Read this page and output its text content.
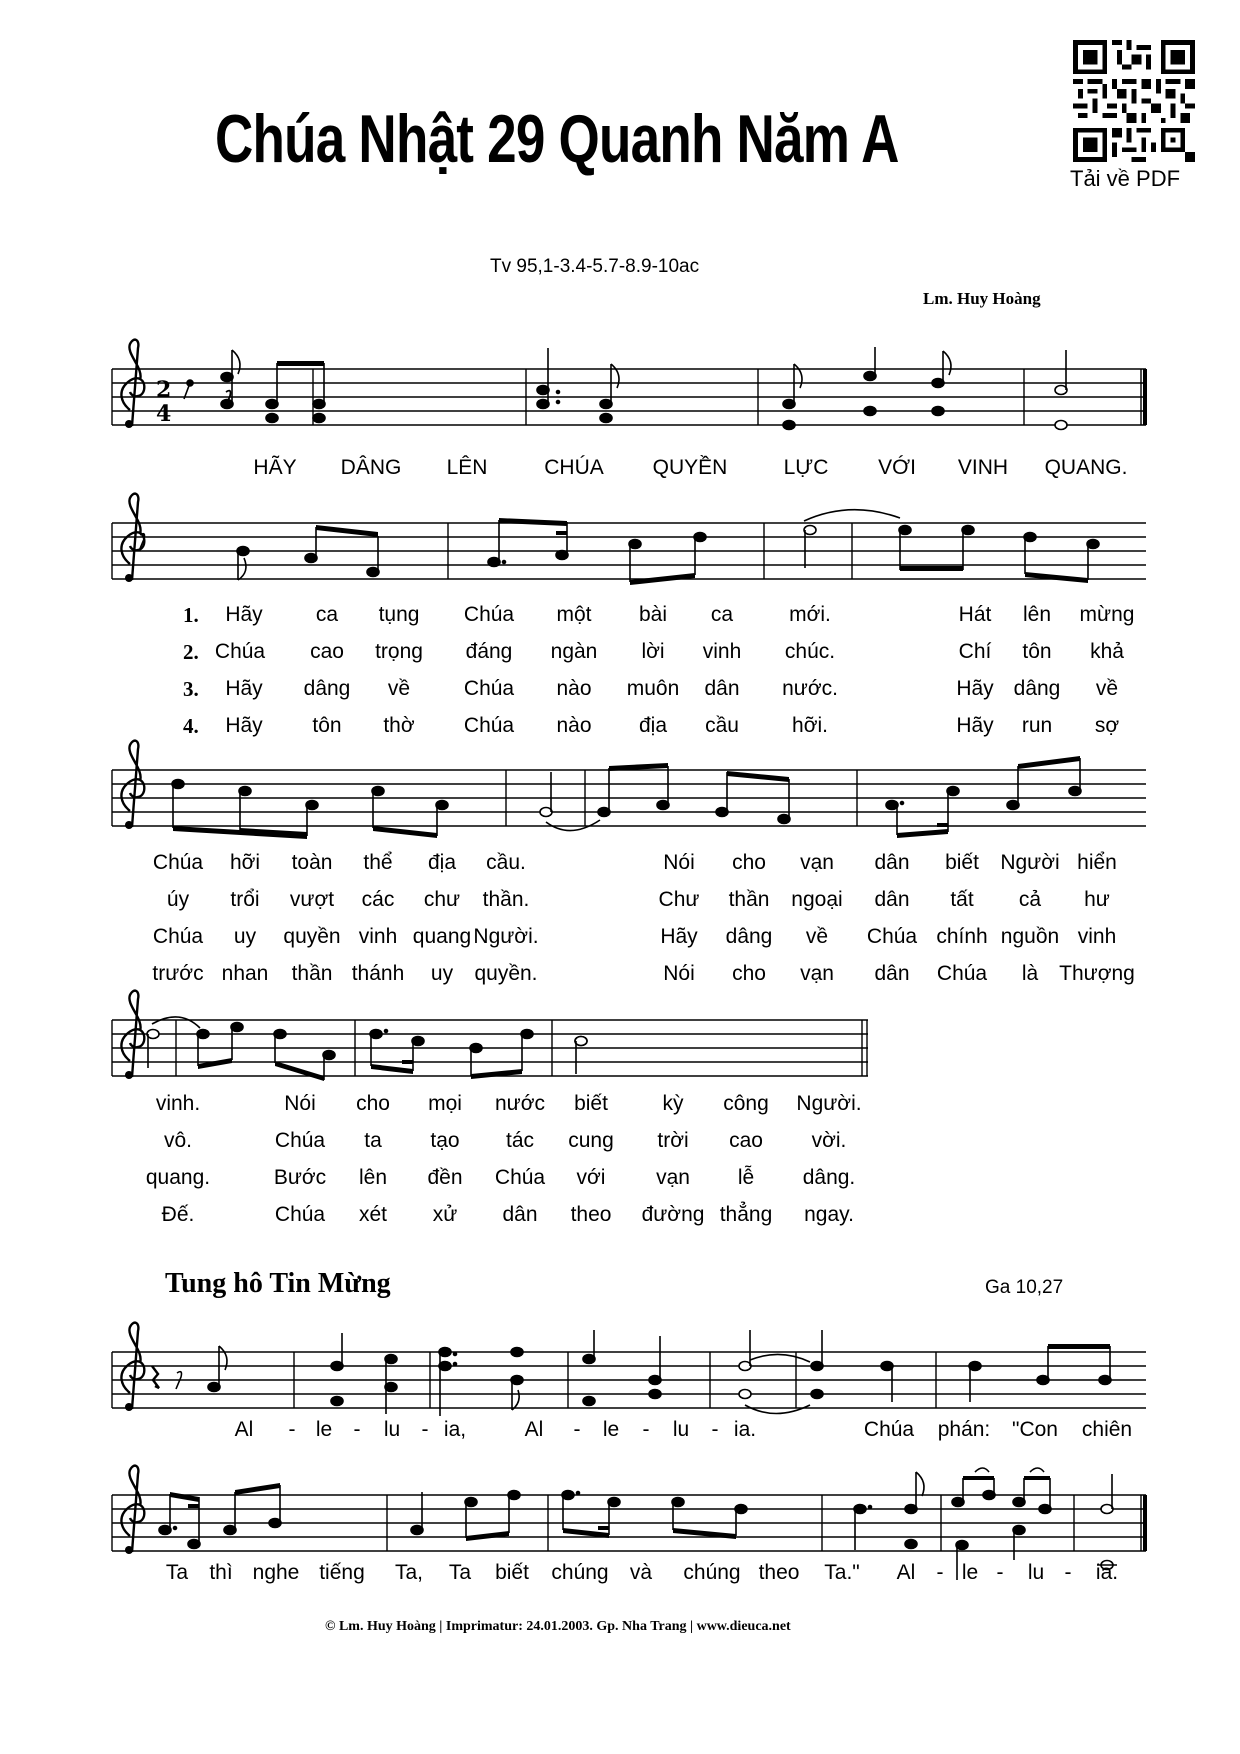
Chúa Nhật 29 Quanh Năm A
Tải về PDF
Tv 95,1-3.4-5.7-8.9-10ac
Lm. Huy Hoàng
2
4
HÃY DÂNG LÊN	CHÚA QUYỀN	LỰC VỚI VINH QUANG.
1.
2.
3.
4.
Hãy	ca tụng Chúa một bài ca	mới.	Hát lên mừng
Chúa cao trọng đáng ngàn lời vinh chúc.	Chí tôn khả
Hãy dâng về	Chúa nào muôn dân nước.	Hãy dâng về
Hãy tôn thờ Chúa nào địa cầu	hỡi.	Hãy run sợ
Chúa hỡi toàn thể địa cầu.	Nói cho vạn dân biết Người hiển
úy trổi vượt các chư thần.	Chư thần ngoại dân tất cả hư
Chúa uy quyền vinh quang Người.	Hãy dâng về Chúa chính nguồn vinh
trước nhan thần thánh uy quyền.	Nói cho vạn dân Chúa là Thượng
vinh.	Nói cho mọi nước biết	kỳ công Người.
vô.	Chúa ta tạo tác cung trời cao vời.
quang.	Bước lên đền Chúa với vạn lễ dâng.
Đế.	Chúa xét xử dân theo đường thẳng ngay.
Tung hô Tin Mừng	Ga 10,27
Al - le - lu - ia,	Al - le - lu - ia.	Chúa phán: "Con chiên
Ta thì nghe tiếng Ta, Ta biết chúng và chúng theo Ta." Al - le - lu - ia.
© Lm. Huy Hoàng | Imprimatur: 24.01.2003. Gp. Nha Trang | www.dieuca.net
